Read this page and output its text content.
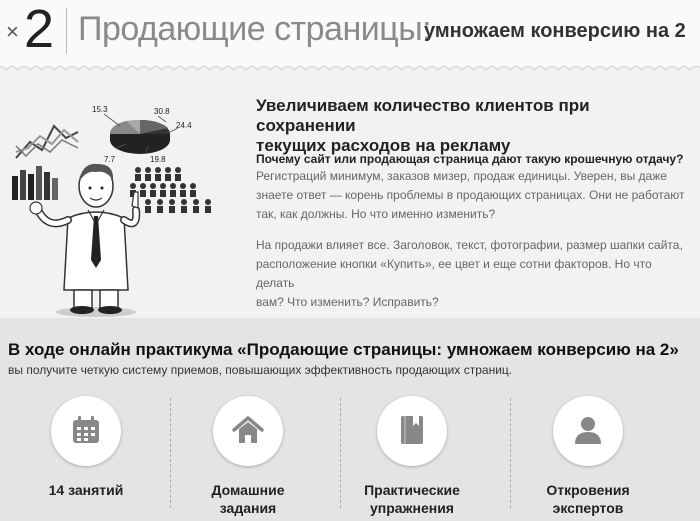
× 2 Продающие страницы:
умножаем конверсию на 2
15.3	30.8
24.4
7.7	19.8
Увеличиваем количество клиентов при сохранении
текущих расходов на рекламу
Почему сайт или продающая страница дают такую крошечную отдачу?
Регистраций минимум, заказов мизер, продаж единицы. Уверен, вы даже
знаете ответ — корень проблемы в продающих страницах. Они не работают
так, как должны. Но что именно изменить?
На продажи влияет все. Заголовок, текст, фотографии, размер шапки сайта,
расположение кнопки «Купить», ее цвет и еще сотни факторов. Но что делать
вам? Что изменить? Исправить?
В ходе онлайн практикума «Продающие страницы: умножаем конверсию на 2»
вы получите четкую систему приемов, повышающих эффективность продающих страниц.
14 занятий	Домашние
задания
Практические
упражнения
Откровения
экспертов
